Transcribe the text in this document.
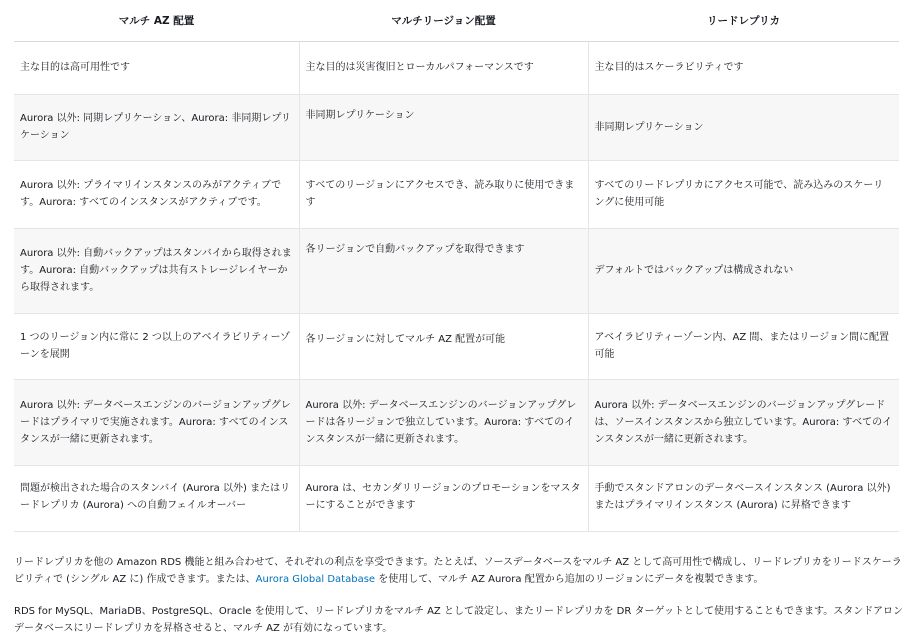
マルチ AZ 配置	マルチリージョン配置	リードレプリカ
主な目的は高可用性です	主な目的は災害復旧とローカルパフォーマンスです	主な目的はスケーラビリティです
Aurora 以外: 同期レプリケーション、Aurora: 非同期レプリケーション	非同期レプリケーション	非同期レプリケーション
Aurora 以外: プライマリインスタンスのみがアクティブです。Aurora: すべてのインスタンスがアクティブです。	すべてのリージョンにアクセスでき、読み取りに使用できます	すべてのリードレプリカにアクセス可能で、読み込みのスケーリングに使用可能
Aurora 以外: 自動バックアップはスタンバイから取得されます。Aurora: 自動バックアップは共有ストレージレイヤーから取得されます。	各リージョンで自動バックアップを取得できます	デフォルトではバックアップは構成されない
1 つのリージョン内に常に 2 つ以上のアベイラビリティーゾーンを展開	各リージョンに対してマルチ AZ 配置が可能	アベイラビリティーゾーン内、AZ 間、またはリージョン間に配置可能
Aurora 以外: データベースエンジンのバージョンアップグレードはプライマリで実施されます。Aurora: すべてのインスタンスが一緒に更新されます。	Aurora 以外: データベースエンジンのバージョンアップグレードは各リージョンで独立しています。Aurora: すべてのインスタンスが一緒に更新されます。	Aurora 以外: データベースエンジンのバージョンアップグレードは、ソースインスタンスから独立しています。Aurora: すべてのインスタンスが一緒に更新されます。
問題が検出された場合のスタンバイ (Aurora 以外) またはリードレプリカ (Aurora) への自動フェイルオーバー	Aurora は、セカンダリリージョンのプロモーションをマスターにすることができます	手動でスタンドアロンのデータベースインスタンス (Aurora 以外) またはプライマリインスタンス (Aurora) に昇格できます

リードレプリカを他の Amazon RDS 機能と組み合わせて、それぞれの利点を享受できます。たとえば、ソースデータベースをマルチ AZ として高可用性で構成し、リードレプリカをリードスケーラビリティで (シングル AZ に) 作成できます。または、Aurora Global Database を使用して、マルチ AZ Aurora 配置から追加のリージョンにデータを複製できます。

RDS for MySQL、MariaDB、PostgreSQL、Oracle を使用して、リードレプリカをマルチ AZ として設定し、またリードレプリカを DR ターゲットとして使用することもできます。スタンドアロンデータベースにリードレプリカを昇格させると、マルチ AZ が有効になっています。
